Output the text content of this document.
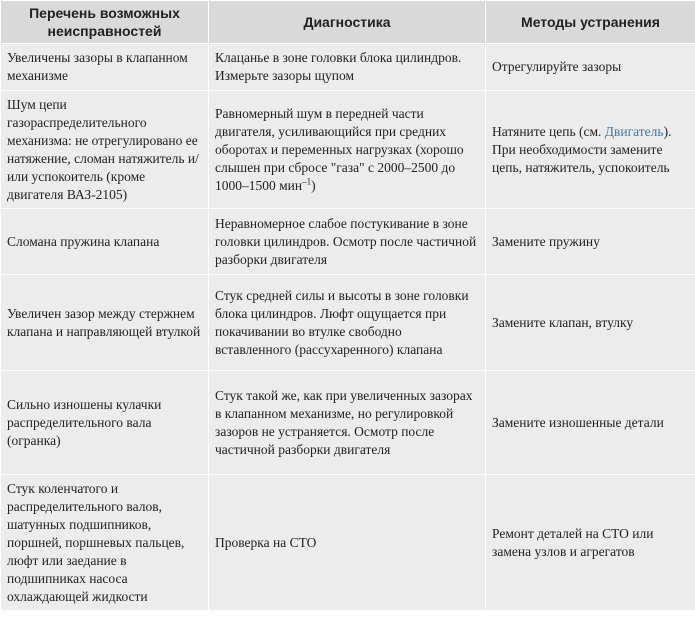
Перечень возможных неисправностей	Диагностика	Методы устранения
Увеличены зазоры в клапанном механизме	Клацанье в зоне головки блока цилиндров. Измерьте зазоры щупом	Отрегулируйте зазоры
Шум цепи газораспределительного механизма: не отрегулировано ее натяжение, сломан натяжитель и/или успокоитель (кроме двигателя ВАЗ-2105)	Равномерный шум в передней части двигателя, усиливающийся при средних оборотах и переменных нагрузках (хорошо слышен при сбросе "газа" с 2000–2500 до 1000–1500 мин$^{-1}$)	Натяните цепь (см. Двигатель). При необходимости замените цепь, натяжитель, успокоитель
Сломана пружина клапана	Неравномерное слабое постукивание в зоне головки цилиндров. Осмотр после частичной разборки двигателя	Замените пружину
Увеличен зазор между стержнем клапана и направляющей втулкой	Стук средней силы и высоты в зоне головки блока цилиндров. Люфт ощущается при покачивании во втулке свободно вставленного (рассухаренного) клапана	Замените клапан, втулку
Сильно изношены кулачки распределительного вала (огранка)	Стук такой же, как при увеличенных зазорах в клапанном механизме, но регулировкой зазоров не устраняется. Осмотр после частичной разборки двигателя	Замените изношенные детали
Стук коленчатого и распределительного валов, шатунных подшипников, поршней, поршневых пальцев, люфт или заедание в подшипниках насоса охлаждающей жидкости	Проверка на СТО	Ремонт деталей на СТО или замена узлов и агрегатов
